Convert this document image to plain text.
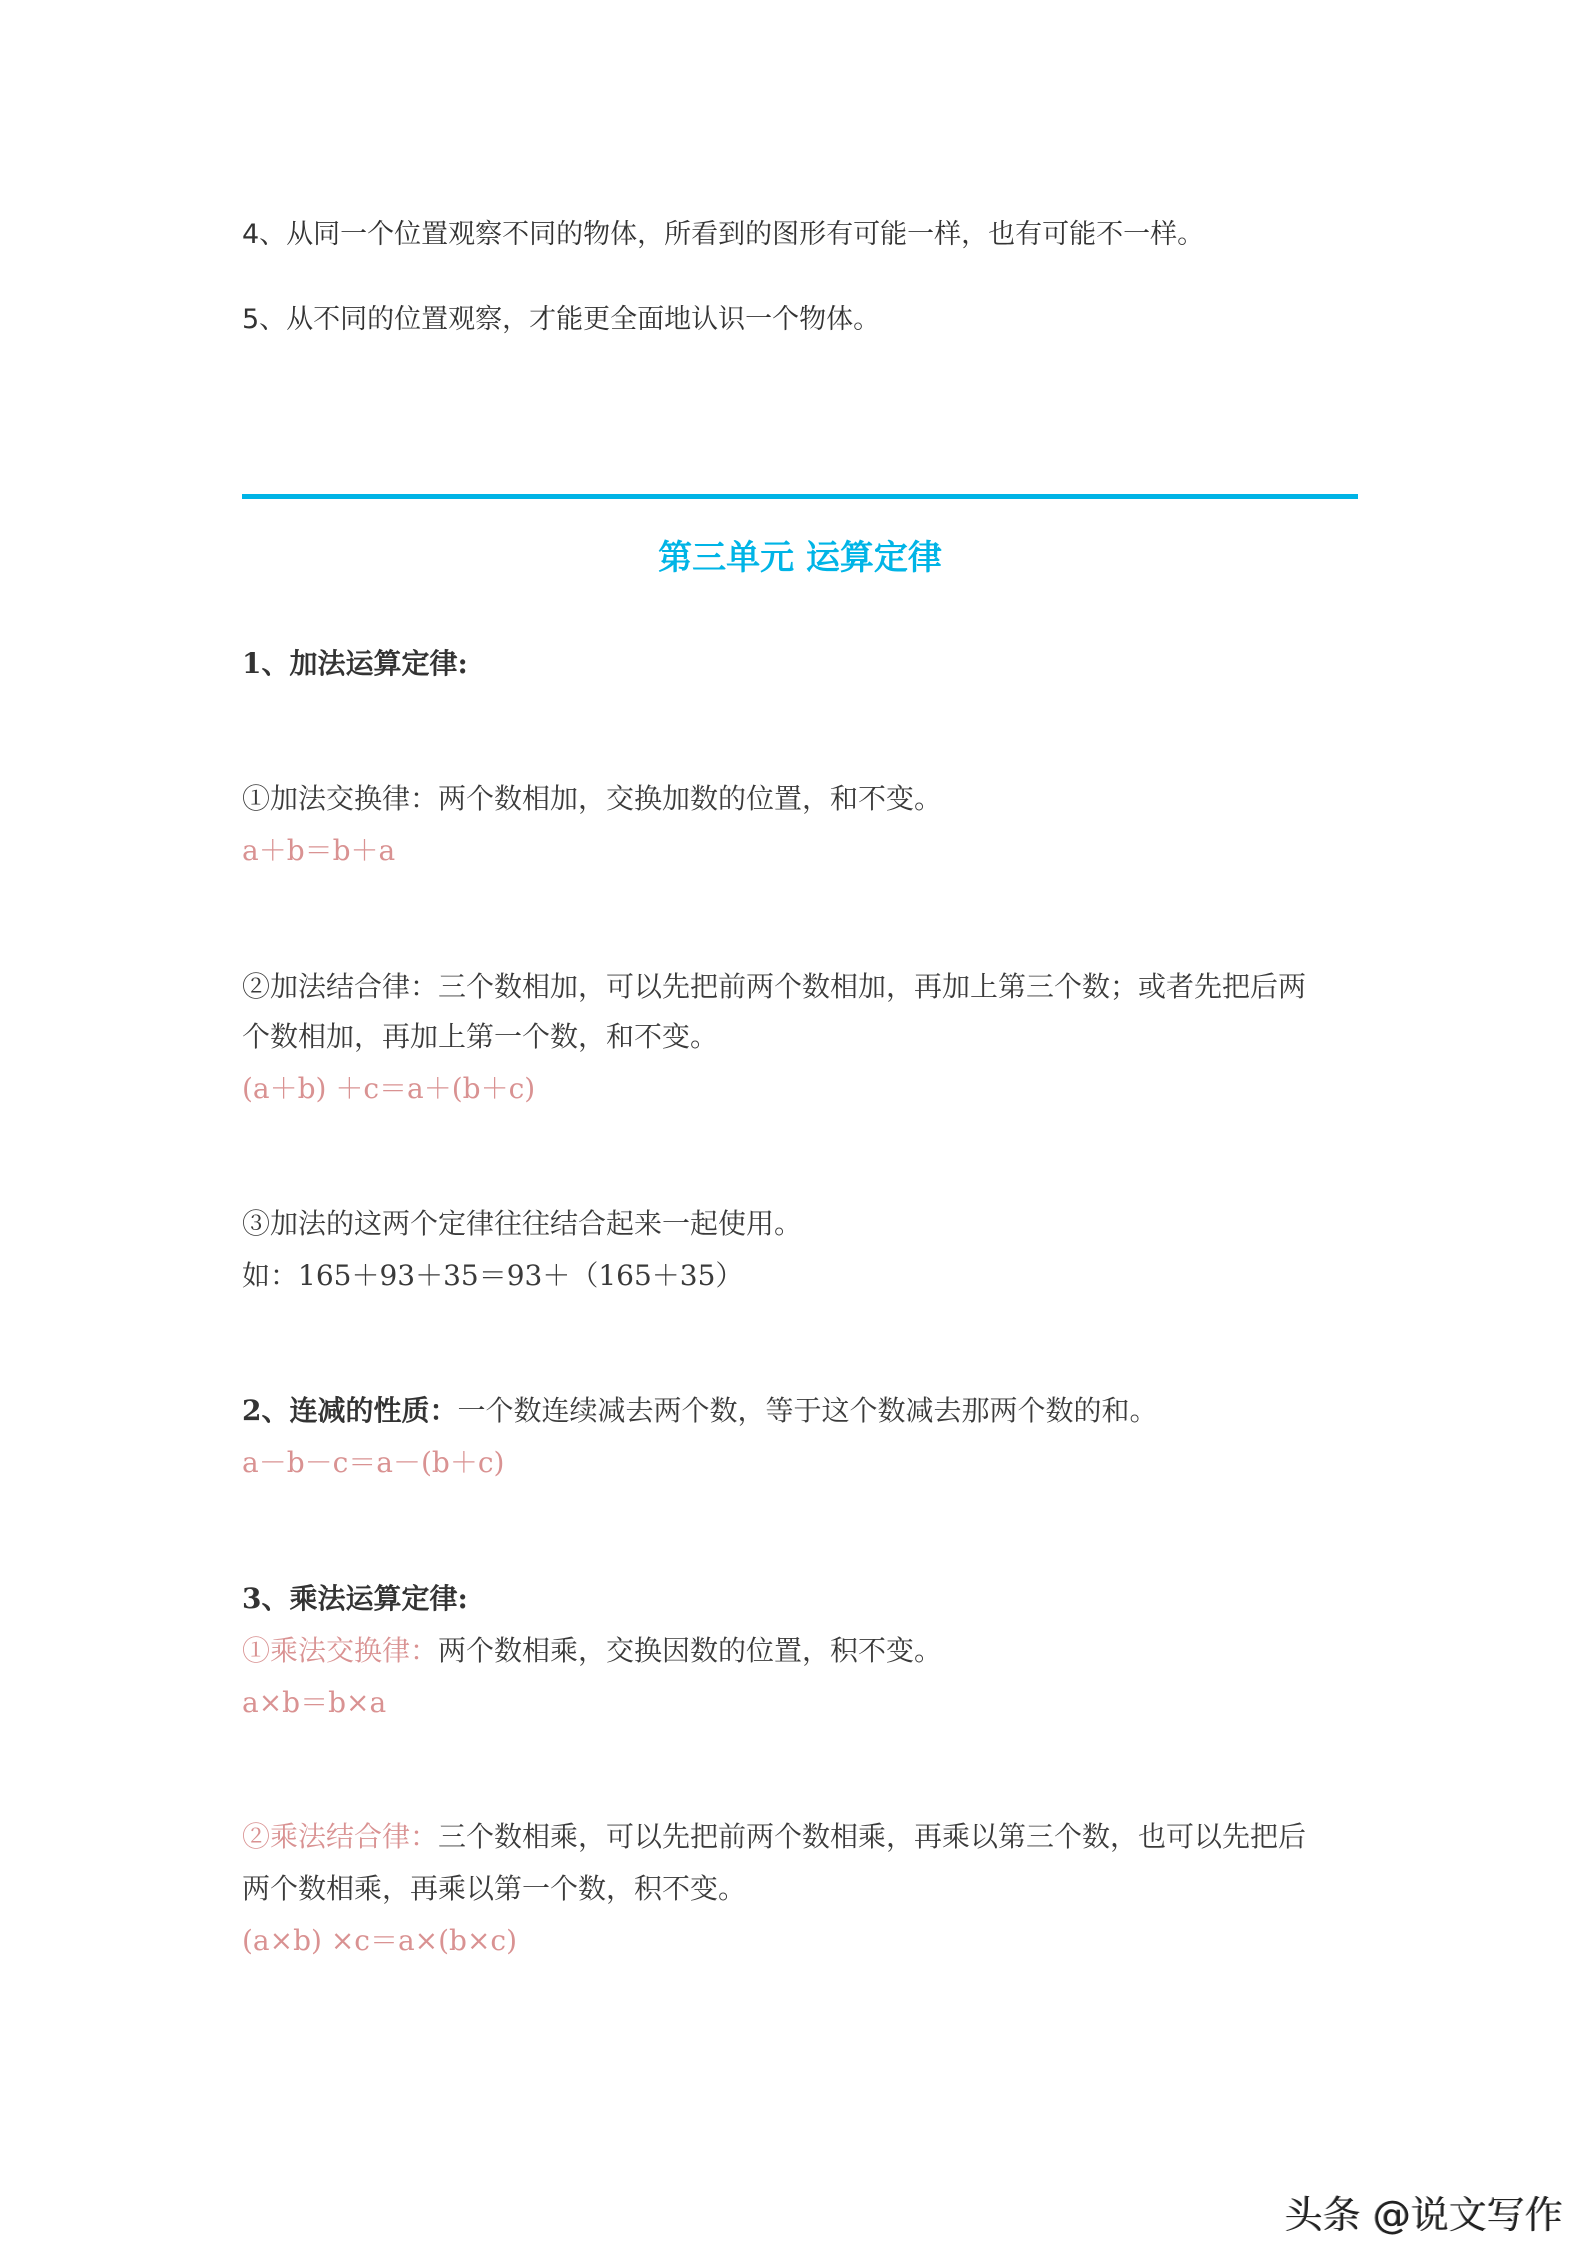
4、从同一个位置观察不同的物体，所看到的图形有可能一样，也有可能不一样。
5、从不同的位置观察，才能更全面地认识一个物体。
第三单元 运算定律
1、加法运算定律:
①加法交换律：两个数相加，交换加数的位置，和不变。
a＋b＝b＋a
②加法结合律：三个数相加，可以先把前两个数相加，再加上第三个数；或者先把后两
个数相加，再加上第一个数，和不变。
(a＋b) ＋c＝a＋(b＋c)
③加法的这两个定律往往结合起来一起使用。
如：165＋93＋35＝93＋（165＋35）
2、连减的性质：一个数连续减去两个数，等于这个数减去那两个数的和。
a－b－c＝a－(b＋c)
3、乘法运算定律:
①乘法交换律：两个数相乘，交换因数的位置，积不变。
a×b＝b×a
②乘法结合律：三个数相乘，可以先把前两个数相乘，再乘以第三个数，也可以先把后
两个数相乘，再乘以第一个数，积不变。
(a×b) ×c＝a×(b×c)
头条 @说文写作
